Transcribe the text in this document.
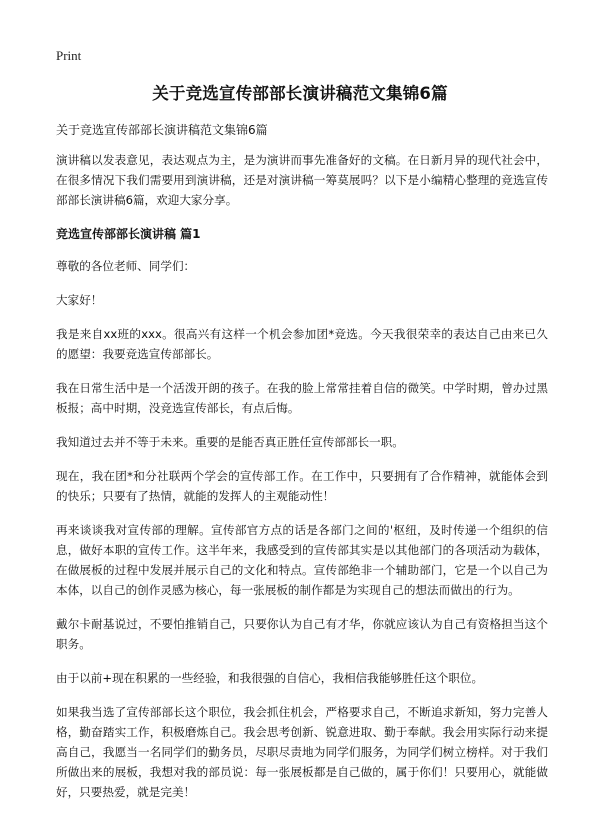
Print
关于竞选宣传部部长演讲稿范文集锦6篇
关于竞选宣传部部长演讲稿范文集锦6篇

演讲稿以发表意见，表达观点为主，是为演讲而事先准备好的文稿。在日新月异的现代社会中，在很多情况下我们需要用到演讲稿，还是对演讲稿一筹莫展吗？以下是小编精心整理的竞选宣传部部长演讲稿6篇，欢迎大家分享。

竞选宣传部部长演讲稿 篇1

尊敬的各位老师、同学们：

大家好！

我是来自xx班的xxx。很高兴有这样一个机会参加团*竞选。今天我很荣幸的表达自己由来已久的愿望：我要竞选宣传部部长。

我在日常生活中是一个活泼开朗的孩子。在我的脸上常常挂着自信的微笑。中学时期，曾办过黑板报；高中时期，没竞选宣传部长，有点后悔。

我知道过去并不等于未来。重要的是能否真正胜任宣传部部长一职。

现在，我在团*和分社联两个学会的宣传部工作。在工作中，只要拥有了合作精神，就能体会到的快乐；只要有了热情，就能的发挥人的主观能动性！

再来谈谈我对宣传部的理解。宣传部官方点的话是各部门之间的'枢纽，及时传递一个组织的信息，做好本职的宣传工作。这半年来，我感受到的宣传部其实是以其他部门的各项活动为载体，在做展板的过程中发展并展示自己的文化和特点。宣传部绝非一个辅助部门，它是一个以自己为本体，以自己的创作灵感为核心，每一张展板的制作都是为实现自己的想法而做出的行为。

戴尔卡耐基说过，不要怕推销自己，只要你认为自己有才华，你就应该认为自己有资格担当这个职务。

由于以前+现在积累的一些经验，和我很强的自信心，我相信我能够胜任这个职位。

如果我当选了宣传部部长这个职位，我会抓住机会，严格要求自己，不断追求新知，努力完善人格，勤奋踏实工作，积极磨炼自己。我会思考创新、锐意进取、勤于奉献。我会用实际行动来提高自己，我愿当一名同学们的勤务员，尽职尽责地为同学们服务，为同学们树立榜样。对于我们所做出来的展板，我想对我的部员说：每一张展板都是自己做的，属于你们！只要用心，就能做好，只要热爱，就是完美！
